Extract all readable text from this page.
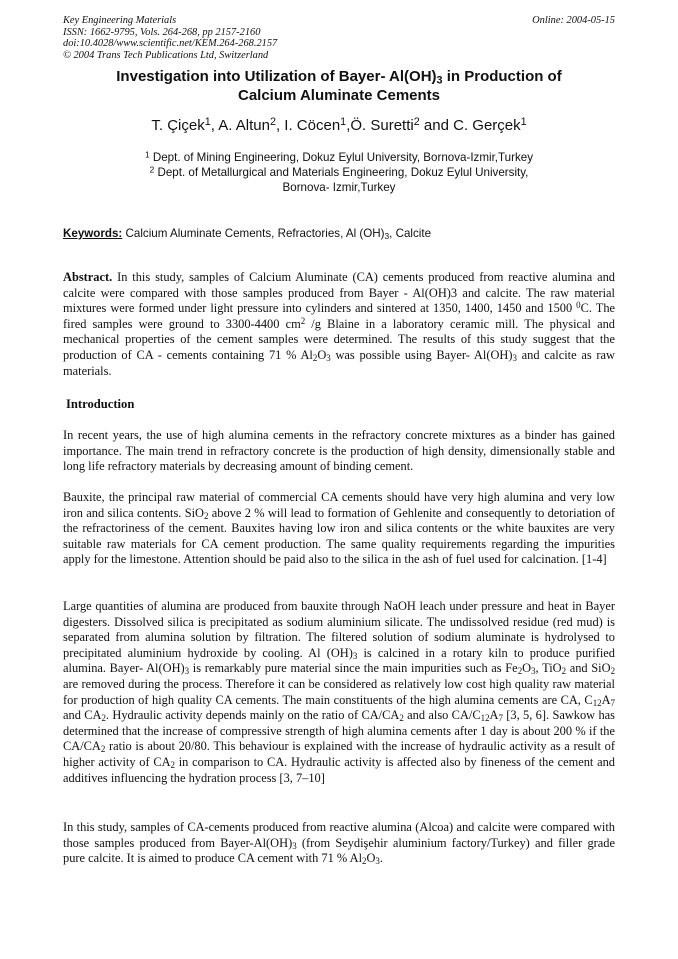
Key Engineering Materials	Online: 2004-05-15
ISSN: 1662-9795, Vols. 264-268, pp 2157-2160
doi:10.4028/www.scientific.net/KEM.264-268.2157
© 2004 Trans Tech Publications Ltd, Switzerland
Investigation into Utilization of Bayer- $Al(OH)_3$ in Production of
Calcium Aluminate Cements
T. Çiçek$^1$, A. Altun$^2$, I. Cöcen$^1$,Ö. Suretti$^2$ and C. Gerçek$^1$
$^1$ Dept. of Mining Engineering, Dokuz Eylul University, Bornova-Izmir,Turkey
$^2$ Dept. of Metallurgical and Materials Engineering, Dokuz Eylul University,
Bornova- Izmir,Turkey
Keywords: Calcium Aluminate Cements, Refractories, Al $(OH)_3$, Calcite

Abstract. In this study, samples of Calcium Aluminate (CA) cements produced from reactive alumina and calcite were compared with those samples produced from Bayer - Al(OH)3 and calcite. The raw material mixtures were formed under light pressure into cylinders and sintered at 1350, 1400, 1450 and 1500 $^0$C. The fired samples were ground to 3300-4400 $cm^2$ /g Blaine in a laboratory ceramic mill. The physical and mechanical properties of the cement samples were determined. The results of this study suggest that the production of CA - cements containing 71 % $Al_2O_3$ was possible using Bayer- $Al(OH)_3$ and calcite as raw materials.

Introduction

In recent years, the use of high alumina cements in the refractory concrete mixtures as a binder has gained importance. The main trend in refractory concrete is the production of high density, dimensionally stable and long life refractory materials by decreasing amount of binding cement.

Bauxite, the principal raw material of commercial CA cements should have very high alumina and very low iron and silica contents. SiO$_2$ above 2 % will lead to formation of Gehlenite and consequently to detoriation of the refractoriness of the cement. Bauxites having low iron and silica contents or the white bauxites are very suitable raw materials for CA cement production. The same quality requirements regarding the impurities apply for the limestone. Attention should be paid also to the silica in the ash of fuel used for calcination. [1-4]

Large quantities of alumina are produced from bauxite through NaOH leach under pressure and heat in Bayer digesters. Dissolved silica is precipitated as sodium aluminium silicate. The undissolved residue (red mud) is separated from alumina solution by filtration. The filtered solution of sodium aluminate is hydrolysed to precipitated aluminium hydroxide by cooling. Al $(OH)_3$ is calcined in a rotary kiln to produce purified alumina. Bayer- $Al(OH)_3$ is remarkably pure material since the main impurities such as $Fe_2O_3$, TiO$_2$ and SiO$_2$ are removed during the process. Therefore it can be considered as relatively low cost high quality raw material for production of high quality CA cements. The main constituents of the high alumina cements are CA, $C_{12}A_7$ and $CA_2$. Hydraulic activity depends mainly on the ratio of $CA/CA_2$ and also $CA/C_{12}A_7$ [3, 5, 6]. Sawkow has determined that the increase of compressive strength of high alumina cements after 1 day is about 200 % if the $CA/CA_2$ ratio is about 20/80. This behaviour is explained with the increase of hydraulic activity as a result of higher activity of $CA_2$ in comparison to CA. Hydraulic activity is affected also by fineness of the cement and additives influencing the hydration process [3, 7–10]

In this study, samples of CA-cements produced from reactive alumina (Alcoa) and calcite were compared with those samples produced from Bayer-$Al(OH)_3$ (from Seydişehir aluminium factory/Turkey) and filler grade pure calcite. It is aimed to produce CA cement with 71 % $Al_2O_3$.
